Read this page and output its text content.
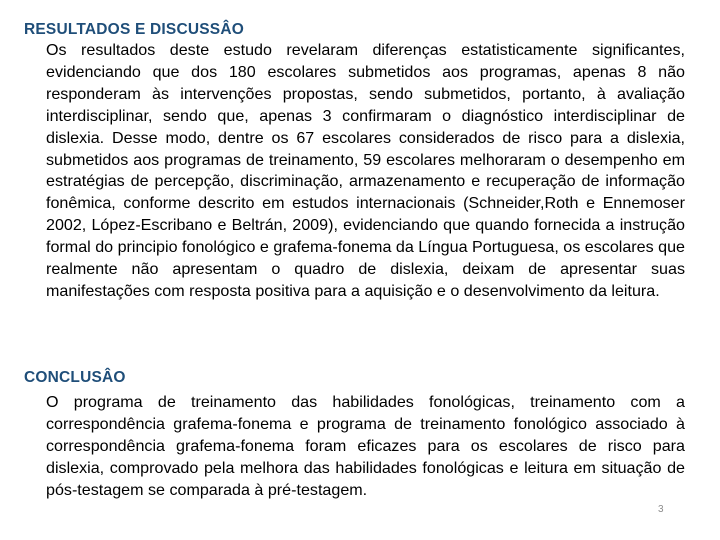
RESULTADOS E DISCUSSÂO

Os resultados deste estudo revelaram diferenças estatisticamente significantes, evidenciando que dos 180 escolares submetidos aos programas, apenas 8 não responderam às intervenções propostas, sendo submetidos, portanto, à avaliação interdisciplinar, sendo que, apenas 3 confirmaram o diagnóstico interdisciplinar de dislexia. Desse modo, dentre os 67 escolares considerados de risco para a dislexia, submetidos aos programas de treinamento, 59 escolares melhoraram o desempenho em estratégias de percepção, discriminação, armazenamento e recuperação de informação fonêmica, conforme descrito em estudos internacionais (Schneider,Roth e Ennemoser 2002, López-Escribano e Beltrán, 2009), evidenciando que quando fornecida a instrução formal do principio fonológico e grafema-fonema da Língua Portuguesa, os escolares que realmente não apresentam o quadro de dislexia, deixam de apresentar suas manifestações com resposta positiva para a aquisição e o desenvolvimento da leitura.

CONCLUSÂO

O programa de treinamento das habilidades fonológicas, treinamento com a correspondência grafema-fonema e programa de treinamento fonológico associado à correspondência grafema-fonema foram eficazes para os escolares de risco para dislexia, comprovado pela melhora das habilidades fonológicas e leitura em situação de pós-testagem se comparada à pré-testagem.

3
